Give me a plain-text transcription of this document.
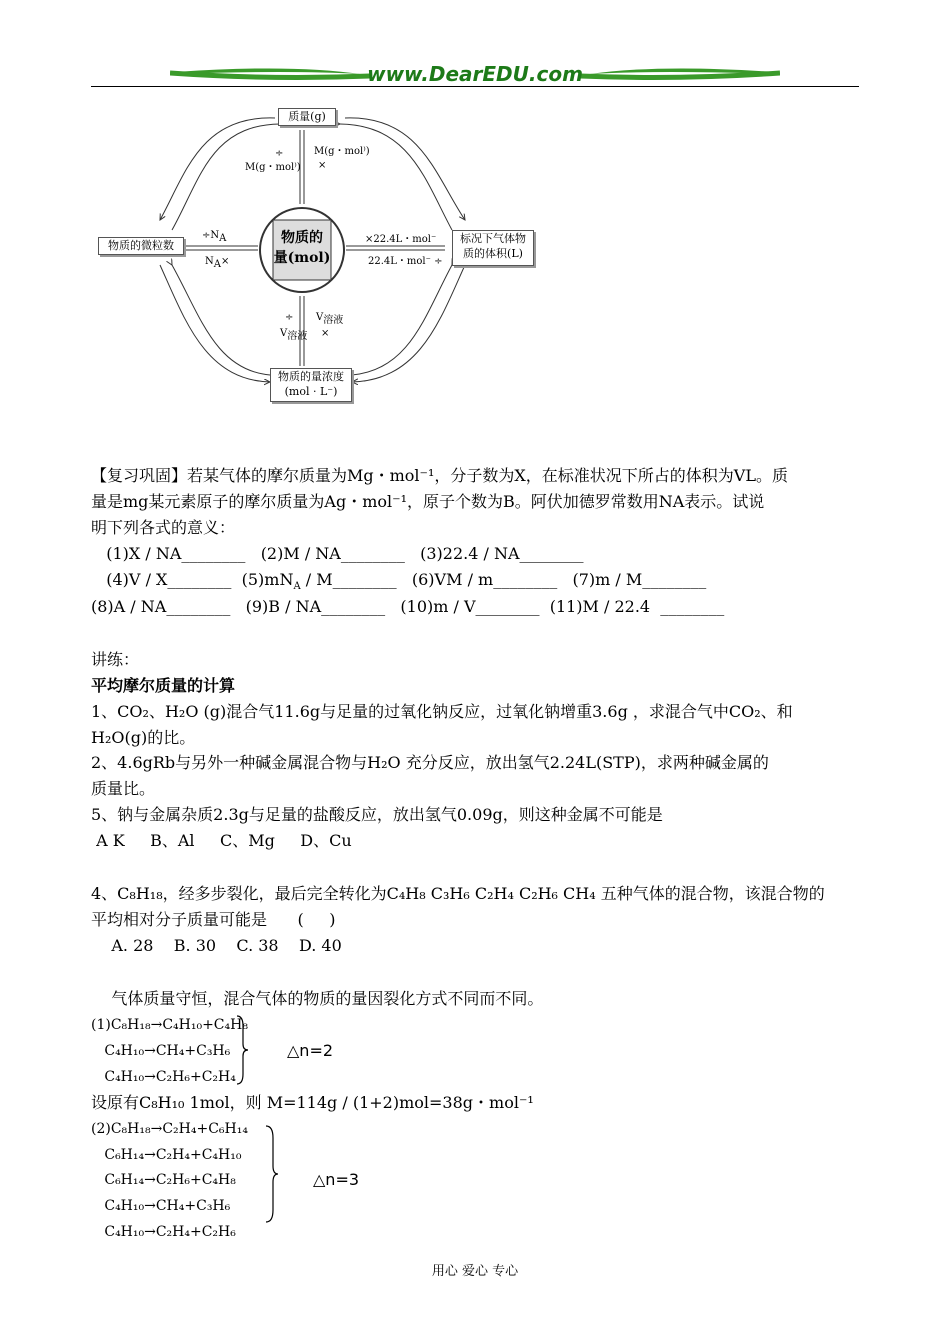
www.DearEDU.com
物质的
量(mol)
质量(g)
物质的微粒数
标况下气体物
质的体积(L)
物质的量浓度
(mol · L⁻)
÷
M(g・mol⁾)
M(g・mol⁾)
×
$\div N_A$
$N_A\times$
×22.4L・mol⁻
22.4L・mol⁻ ÷
÷
$V_{溶液}$
$V_{溶液}$
×
【复习巩固】若某气体的摩尔质量为Mg・mol⁻¹，分子数为X，在标准状况下所占的体积为VL。质
量是mg某元素原子的摩尔质量为Ag・mol⁻¹，原子个数为B。阿伏加德罗常数用NA表示。试说
明下列各式的意义：
(1)X / NA________   (2)M / NA________   (3)22.4 / NA________
(4)V / X________  $(5)mN_A$ / M________   (6)VM / m________   (7)m / M________
(8)A / NA________   (9)B / NA________   (10)m / V________  (11)M / 22.4  ________
讲练：
平均摩尔质量的计算
1、CO₂、H₂O (g)混合气11.6g与足量的过氧化钠反应，过氧化钠增重3.6g ，求混合气中CO₂、和
H₂O(g)的比。
2、4.6gRb与另外一种碱金属混合物与H₂O 充分反应，放出氢气2.24L(STP)，求两种碱金属的
质量比。
5、钠与金属杂质2.3g与足量的盐酸反应，放出氢气0.09g，则这种金属不可能是
A K     B、Al     C、Mg     D、Cu
4、C₈H₁₈，经多步裂化，最后完全转化为C₄H₈ C₃H₆ C₂H₄ C₂H₆ CH₄ 五种气体的混合物，该混合物的
平均相对分子质量可能是      (     )
A. 28    B. 30    C. 38    D. 40
气体质量守恒，混合气体的物质的量因裂化方式不同而不同。
(1)C₈H₁₈→C₄H₁₀+C₄H₈
C₄H₁₀→CH₄+C₃H₆
C₄H₁₀→C₂H₆+C₂H₄
△n=2
设原有C₈H₁₀ 1mol，则 M=114g / (1+2)mol=38g・mol⁻¹
(2)C₈H₁₈→C₂H₄+C₆H₁₄
C₆H₁₄→C₂H₄+C₄H₁₀
C₆H₁₄→C₂H₆+C₄H₈
C₄H₁₀→CH₄+C₃H₆
C₄H₁₀→C₂H₄+C₂H₆
△n=3
用心 爱心 专心
